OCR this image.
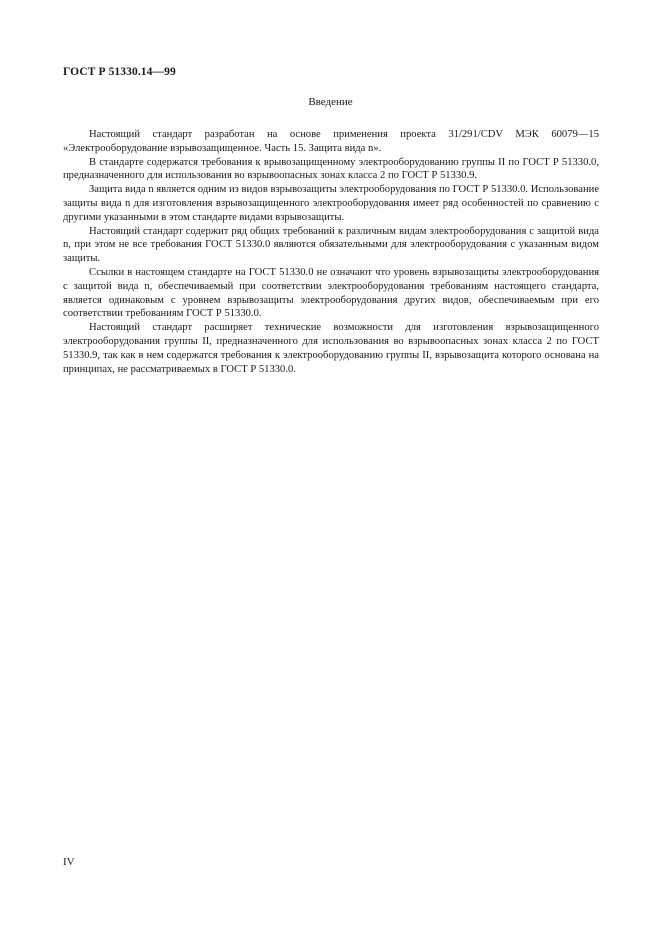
ГОСТ Р 51330.14—99
Введение

Настоящий стандарт разработан на основе применения проекта 31/291/CDV МЭК 60079—15 «Электрооборудование взрывозащищенное. Часть 15. Защита вида n».

В стандарте содержатся требования к врывозащищенному электрооборудованию группы II по ГОСТ Р 51330.0, предназначенного для использования во взрывоопасных зонах класса 2 по ГОСТ Р 51330.9.

Защита вида n является одним из видов взрывозащиты электрооборудования по ГОСТ Р 51330.0. Использование защиты вида n для изготовления взрывозащищенного электрооборудования имеет ряд особенностей по сравнению с другими указанными в этом стандарте видами взрывозащиты.

Настоящий стандарт содержит ряд общих требований к различным видам электрооборудования с защитой вида n, при этом не все требования ГОСТ 51330.0 являются обязательными для электрооборудования с указанным видом защиты.

Ссылки в настоящем стандарте на ГОСТ 51330.0 не означают что уровень взрывозащиты электрооборудования с защитой вида n, обеспечиваемый при соответствии электрооборудования требованиям настоящего стандарта, является одинаковым с уровнем взрывозащиты электрооборудования других видов, обеспечиваемым при его соответствии требованиям ГОСТ Р 51330.0.

Настоящий стандарт расширяет технические возможности для изготовления взрывозащищенного электрооборудования группы II, предназначенного для использования во взрывоопасных зонах класса 2 по ГОСТ 51330.9, так как в нем содержатся требования к электрооборудованию группы II, взрывозащита которого основана на принципах, не рассматриваемых в ГОСТ Р 51330.0.

IV
